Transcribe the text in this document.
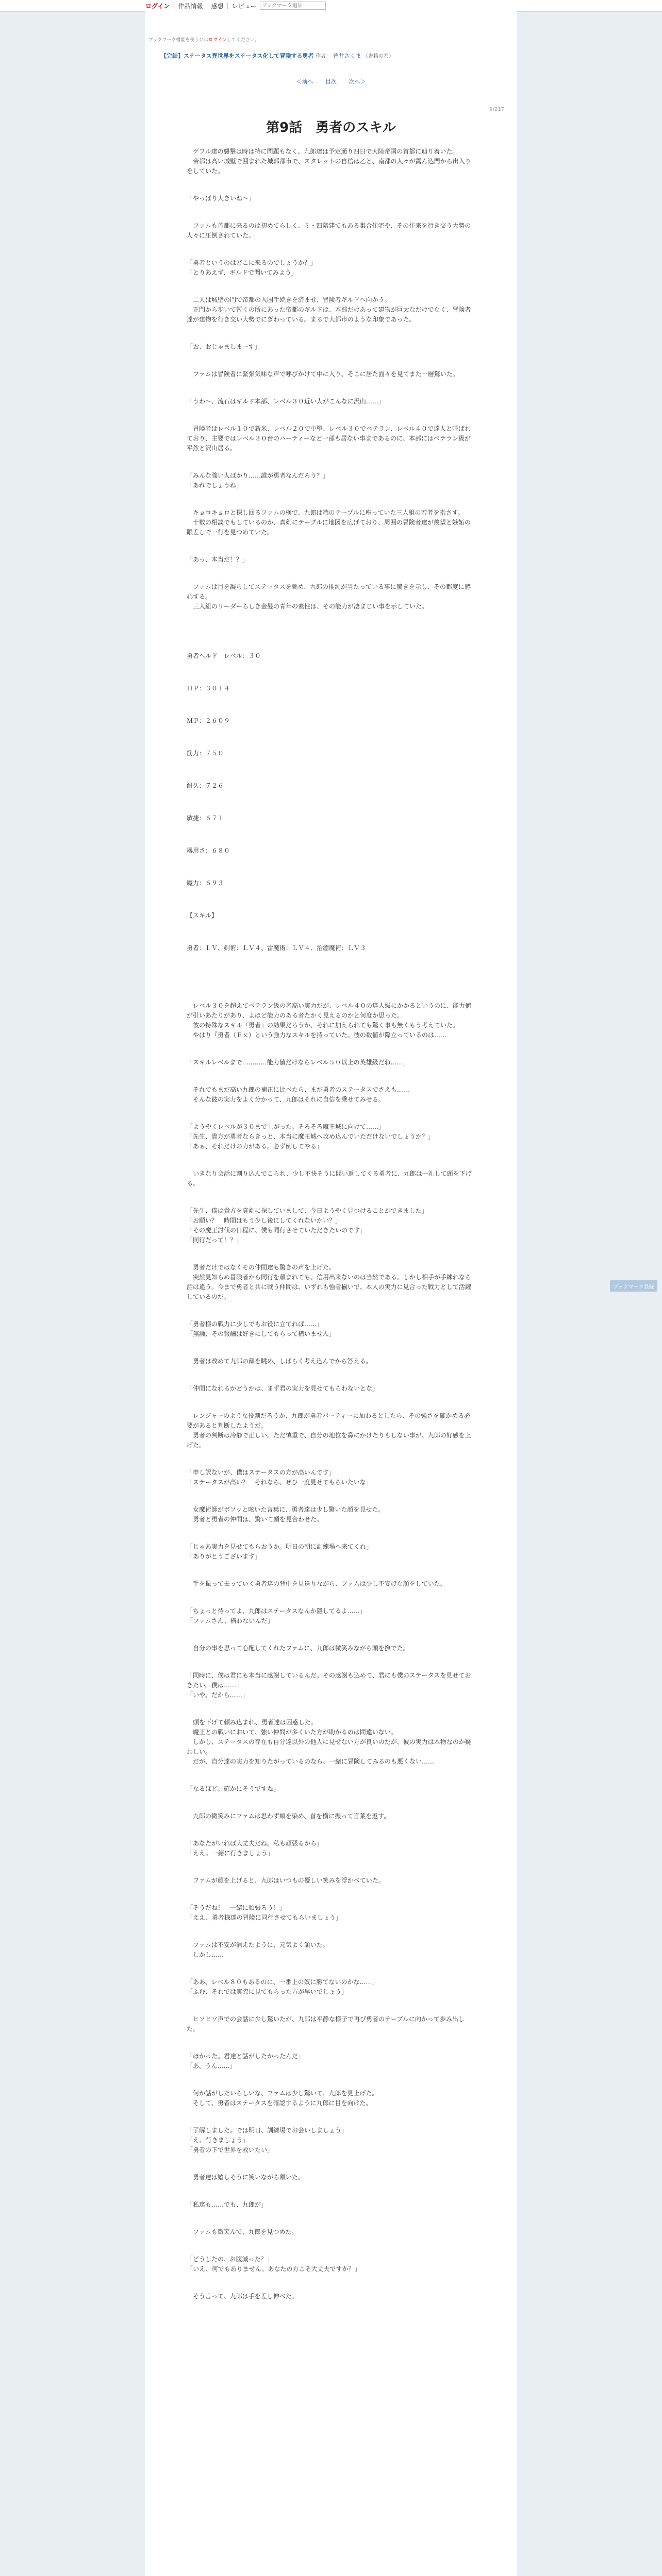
ログイン | 作品情報 | 感想 | レビュー
ブックマーク追加
ブックマーク機能を使うにはログインしてください。
【完結】ステータス異世界をステータス化して冒険する勇者 作者： 普井さくま （書籍の巻）
＜前へ 目次 次へ＞
9/217
第9話　勇者のスキル

　ゲフル達の襲撃は時は特に問題もなく、九郎達は予定通り四日で大陸帝国の首都に辿り着いた。
　帝都は高い城壁で囲まれた城郭都市で、スタレットの自信は乙と、南都の人々が露ん込門から出入りをしていた。

「やっぱり大きいね～」

　ファムも首都に来るのは初めてらしく、ミ・四階建てもある集合住宅や、その往来を行き交う大勢の人々に圧倒されていた。

「勇者というのはどこに来るのでしょうか？」
「とりあえず、ギルドで聞いてみよう」

　二人は城壁の門で帝都の入国手続きを済ませ、冒険者ギルドへ向かう。
　正門から歩いて暫くの所にあった帝都のギルドは、本部だけあって建物が巨大なだけでなく、冒険者達が建物を行き交い大勢でにぎわっている。まるで大都市のような印象であった。

「お、おじゃましまーす」

　ファムは冒険者に緊張気味な声で呼びかけて中に入り、そこに居た面々を見てまた一層驚いた。

「うわ～、流石はギルド本部、レベル３０近い人がこんなに沢山……」

　冒険者はレベル１０で新米、レベル２０で中堅、レベル３０でベテラン、レベル４０で達人と呼ばれており、主要ではレベル３０台のパーティーなど一部も居ない事まであるのに、本部にはベテラン級が平然と沢山居る。

「みんな強い人ばかり……誰が勇者なんだろう？」
「あれでしょうね」

　キョロキョロと探し回るファムの横で、九郎は端のテーブルに座っていた三人組の若者を指さす。
　十数の相談でもしているのか、真剣にテーブルに地図を広げており、周囲の冒険者達が羨望と嫉妬の眼差しで一行を見つめていた。

「あっ、本当だ！？」

　ファムは目を凝らしてステータスを眺め、九郎の推測が当たっている事に驚きを示し、その都度に感心する。
　三人組のリーダーらしき金髪の青年の素性は、その能力が凄まじい事を示していた。

勇者ヘルド　レベル：３０

ＨＰ：３０１４

ＭＰ：２６０９

筋力：７５０

耐久：７２６

敏捷：６７１

器用さ：６８０

魔力：６９３

【スキル】

勇者：ＬＶ、剣術：ＬＶ４、雷魔術：ＬＶ４、治癒魔術：ＬＶ３

　レベル３０を超えてベテラン級の名高い実力だが、レベル４０の達人級にかかるというのに、能力値が引いあたりがあり、よほど能力のある者たかく見えるのかと何度か思った。
　彼の特殊なスキル『勇者』の効果だろうか、それに加えられても驚く事も無くもう考えていた。
　やはり『勇者（Ｅｘ）という強力なスキルを持っていた。彼の数値が際立っているのは……

「スキルレベルまで…………能力値だけならレベル５０以上の英雄級だね……」

　それでもまだ高い九郎の補正に比べたら、まだ勇者のステータスでさえも……
　そんな彼の実力をよく分かって、九郎はそれに自信を乗せてみせる。

「ようやくレベルが３０まで上がった。そろそろ魔王城に向けて……」
「先生、貴方が勇者ならきっと、本当に魔王城へ攻め込んでいただけないでしょうか？」
「あぁ、それだけの力がある。必ず倒してやる」

　いきなり会話に割り込んでこられ、少し不快そうに問い返してくる勇者に、九郎は一礼して頭を下げる。

「先生、僕は貴方を真剣に探していまして、今日ようやく見つけることができました」
「お願い？　時間はもう少し後にしてくれないかい？」
「その魔王討伐の日程に、僕も同行させていただきたいのです」
「同行だって！？」

　勇者だけではなくその仲間達も驚きの声を上げた。
　突然見知らぬ冒険者から同行を頼まれても、信用出来ないのは当然である。しかし相手が手練れなら話は違う。今まで勇者と共に戦う仲間は、いずれも強者揃いで、本人の実力に見合った戦力として活躍しているのだ。

「勇者様の戦力に少しでもお役に立てれば……」
「無論、その報酬は好きにしてもらって構いません」

　勇者は改めて九郎の顔を眺め、しばらく考え込んでから答える。

「仲間になれるかどうかは、まず君の実力を見せてもらわないとな」

　レンジャーのような役割だろうか、九郎が勇者パーティーに加わるとしたら、その強さを確かめる必要があると判断したようだ。
　勇者の判断は冷静で正しい。ただ慎重で、自分の地位を鼻にかけたりもしない事が、九郎の好感を上げた。

「申し訳ないが、僕はステータスの方が高いんです」
「ステータスが高い？　それなら、ぜひ一度見せてもらいたいな」

　女魔術師がボソッと呟いた言葉に、勇者達は少し驚いた顔を見せた。
　勇者と勇者の仲間は、驚いて顔を見合わせた。

「じゃあ実力を見せてもらおうか。明日の朝に訓練場へ来てくれ」
「ありがとうございます」

　手を振って去っていく勇者達の背中を見送りながら、ファムは少し不安げな顔をしていた。

「ちょっと待ってよ、九郎はステータスなんか隠してるよ……」
「ファムさん、構わないんだ」

　自分の事を思って心配してくれたファムに、九郎は微笑みながら頭を撫でた。

「同時に、僕は君にも本当に感謝しているんだ。その感謝も込めて、君にも僕のステータスを見せておきたい。僕は……」
「いや、だから……」

　頭を下げて頼み込まれ、勇者達は困惑した。
　魔王との戦いにおいて、強い仲間が多くいた方が助かるのは間違いない。
　しかし、ステータスの存在も自分達以外の他人に見せない方が良いのだが、彼の実力は本物なのか疑わしい。
　だが、自分達の実力を知りたがっているのなら、一緒に冒険してみるのも悪くない……

「なるほど。確かにそうですね」

　九郎の微笑みにファムは思わず頬を染め、首を横に振って言葉を返す。

「あなたがいれば大丈夫だね。私も頑張るから」
「ええ。一緒に行きましょう」

　ファムが顔を上げると、九郎はいつもの優しい笑みを浮かべていた。

「そうだね！　一緒に頑張ろう！」
「ええ、勇者様達の冒険に同行させてもらいましょう」

　ファムは不安が消えたように、元気よく頷いた。
　しかし……

「ああ、レベル８０もあるのに、一番上の奴に勝てないのかな……」
「ふむ、それでは実際に見てもらった方が早いでしょう」

　ヒソヒソ声での会話に少し驚いたが、九郎は平静な様子で再び勇者のテーブルに向かって歩み出した。

「ほかった。君達と話がしたかったんだ」
「あ、うん……」

　何か話がしたいらしいな、ファムは少し驚いて、九郎を見上げた。
　そして、勇者はステータスを確認するように九郎に目を向けた。

「了解しました。では明日、訓練場でお会いしましょう」
「え、行きましょう」
「勇者の下で世界を救いたい」

　勇者達は嬉しそうに笑いながら頷いた。

「私達も……でも、九郎が」

　ファムも微笑んで、九郎を見つめた。

「どうしたの、お腹減った？」
「いえ、何でもありません。あなたの方こそ大丈夫ですか？」

　そう言って、九郎は手を差し伸べた。

ブックマーク登録
